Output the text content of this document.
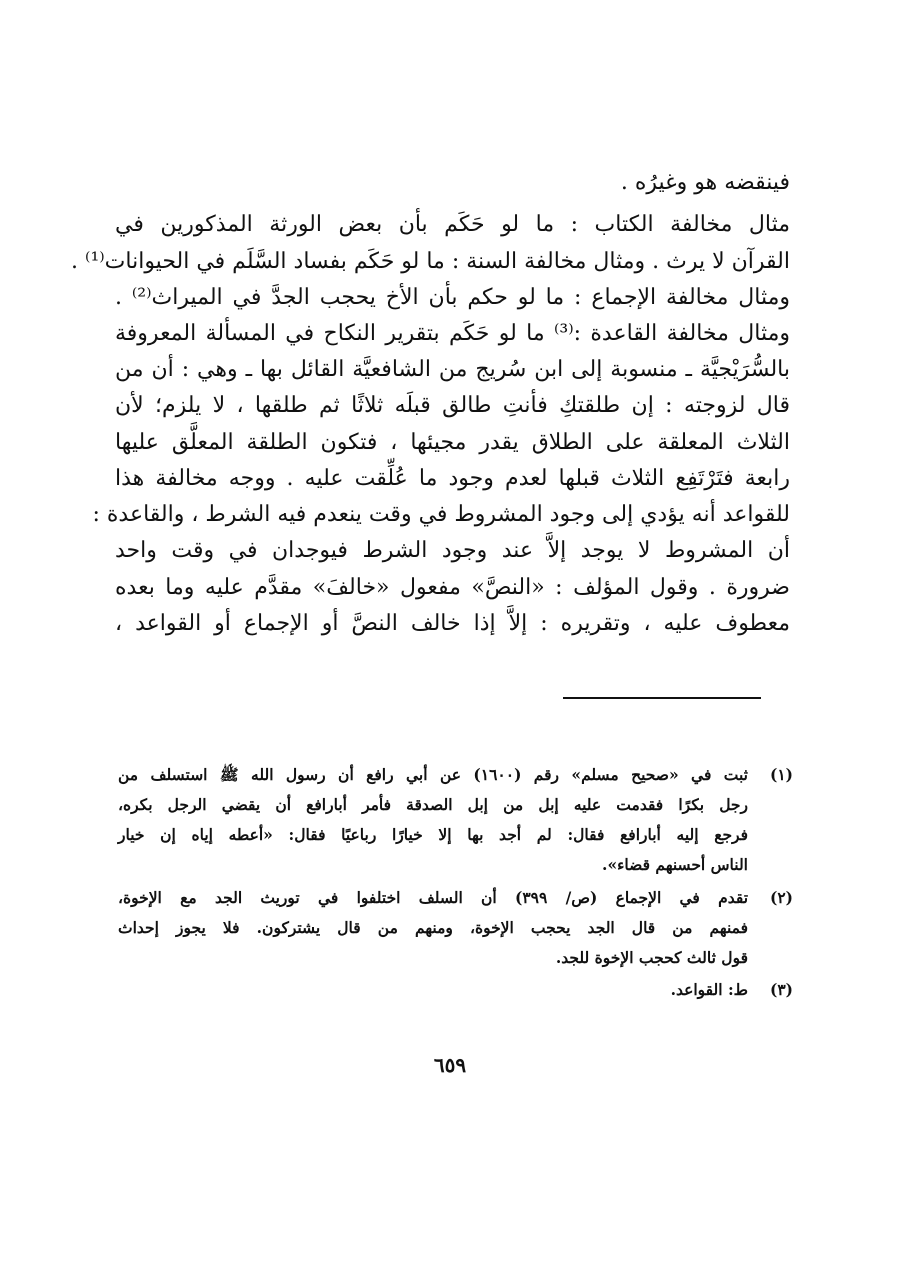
فينقضه هو وغيرُه .
مثال مخالفة الكتاب : ما لو حَكَم بأن بعض الورثة المذكورين في
القرآن لا يرث . ومثال مخالفة السنة : ما لو حَكَم بفساد السَّلَم في الحيوانات⁽¹⁾ .
ومثال مخالفة الإجماع : ما لو حكم بأن الأخ يحجب الجدَّ في الميراث⁽²⁾ .
ومثال مخالفة القاعدة :⁽³⁾ ما لو حَكَم بتقرير النكاح في المسألة المعروفة
بالسُّرَيْجيَّة ـ منسوبة إلى ابن سُريج من الشافعيَّة القائل بها ـ وهي : أن من
قال لزوجته : إن طلقتكِ فأنتِ طالق قبلَه ثلاثًا ثم طلقها ، لا يلزم؛ لأن
الثلاث المعلقة على الطلاق يقدر مجيئها ، فتكون الطلقة المعلَّق عليها
رابعة فتَرْتَفِع الثلاث قبلها لعدم وجود ما عُلِّقت عليه . ووجه مخالفة هذا
للقواعد أنه يؤدي إلى وجود المشروط في وقت ينعدم فيه الشرط ، والقاعدة :
أن المشروط لا يوجد إلاَّ عند وجود الشرط فيوجدان في وقت واحد
ضرورة . وقول المؤلف : «النصَّ» مفعول «خالفَ» مقدَّم عليه وما بعده
معطوف عليه ، وتقريره : إلاَّ إذا خالف النصَّ أو الإجماع أو القواعد ،
(١)
ثبت في «صحيح مسلم» رقم (١٦٠٠) عن أبي رافع أن رسول الله ﷺ استسلف من
رجل بكرًا فقدمت عليه إبل من إبل الصدقة فأمر أبارافع أن يقضي الرجل بكره،
فرجع إليه أبارافع فقال: لم أجد بها إلا خيارًا رباعيًا فقال: «أعطه إياه إن خيار
الناس أحسنهم قضاء».
(٢)
تقدم في الإجماع (ص/ ٣٩٩) أن السلف اختلفوا في توريث الجد مع الإخوة،
فمنهم من قال الجد يحجب الإخوة، ومنهم من قال يشتركون. فلا يجوز إحداث
قول ثالث كحجب الإخوة للجد.
(٣)
ط: القواعد.
٦٥٩
